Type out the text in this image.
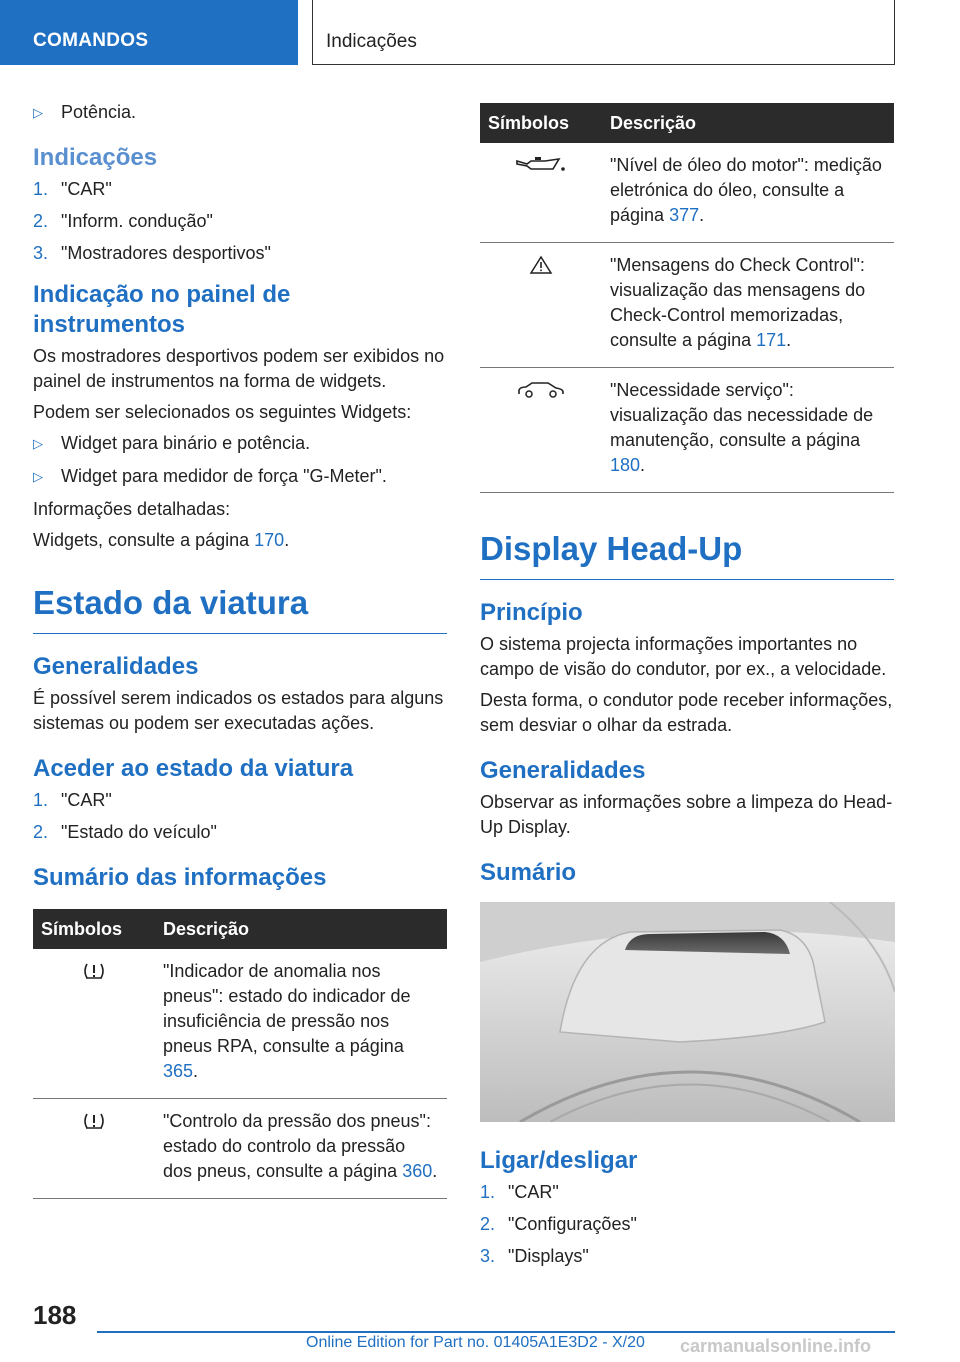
COMANDOS	Indicações
▷	Potência.
Indicações
1. "CAR"
2. "Inform. condução"
3. "Mostradores desportivos"
Indicação no painel de instrumentos
Os mostradores desportivos podem ser exibidos no painel de instrumentos na forma de widgets.
Podem ser selecionados os seguintes Widgets:
▷	Widget para binário e potência.
▷	Widget para medidor de força "G-Meter".
Informações detalhadas:
Widgets, consulte a página 170.
Estado da viatura
Generalidades
É possível serem indicados os estados para alguns sistemas ou podem ser executadas ações.
Aceder ao estado da viatura
1. "CAR"
2. "Estado do veículo"
Sumário das informações
Símbolos	Descrição
	"Indicador de anomalia nos pneus": estado do indicador de insuficiência de pressão nos pneus RPA, consulte a página 365.
	"Controlo da pressão dos pneus": estado do controlo da pressão dos pneus, consulte a página 360.
Símbolos	Descrição
	"Nível de óleo do motor": medição eletrónica do óleo, consulte a página 377.
	"Mensagens do Check Control": visualização das mensagens do Check-Control memorizadas, consulte a página 171.
	"Necessidade serviço": visualização das necessidade de manutenção, consulte a página 180.
Display Head-Up
Princípio
O sistema projecta informações importantes no campo de visão do condutor, por ex., a velocidade.
Desta forma, o condutor pode receber informações, sem desviar o olhar da estrada.
Generalidades
Observar as informações sobre a limpeza do Head-Up Display.
Sumário
Ligar/desligar
1. "CAR"
2. "Configurações"
3. "Displays"
188
Online Edition for Part no. 01405A1E3D2 - X/20 carmanualsonline.info
